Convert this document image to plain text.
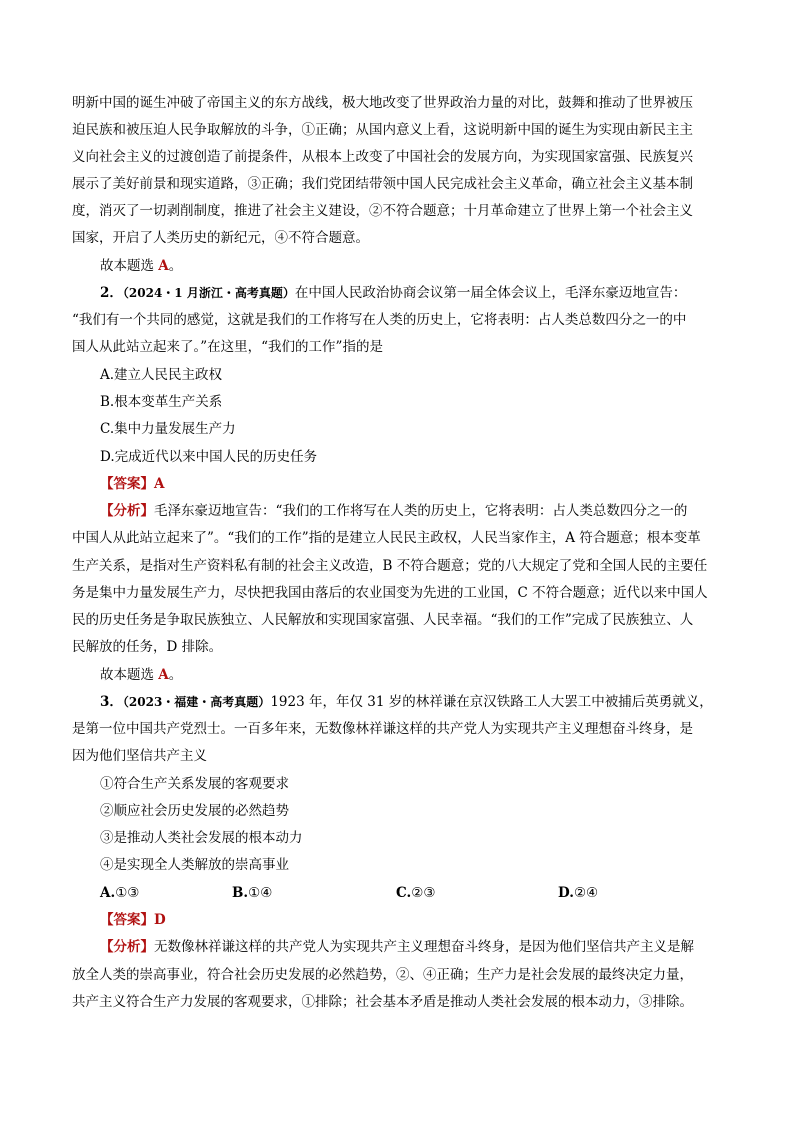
明新中国的诞生冲破了帝国主义的东方战线，极大地改变了世界政治力量的对比，鼓舞和推动了世界被压
迫民族和被压迫人民争取解放的斗争，①正确；从国内意义上看，这说明新中国的诞生为实现由新民主主
义向社会主义的过渡创造了前提条件，从根本上改变了中国社会的发展方向，为实现国家富强、民族复兴
展示了美好前景和现实道路，③正确；我们党团结带领中国人民完成社会主义革命，确立社会主义基本制
度，消灭了一切剥削制度，推进了社会主义建设，②不符合题意；十月革命建立了世界上第一个社会主义
国家，开启了人类历史的新纪元，④不符合题意。
故本题选 A。
2．（2024・1 月浙江・高考真题）在中国人民政治协商会议第一届全体会议上，毛泽东豪迈地宣告：
“我们有一个共同的感觉，这就是我们的工作将写在人类的历史上，它将表明：占人类总数四分之一的中
国人从此站立起来了。”在这里，“我们的工作”指的是
A.建立人民民主政权
B.根本变革生产关系
C.集中力量发展生产力
D.完成近代以来中国人民的历史任务
【答案】A
【分析】毛泽东豪迈地宣告：“我们的工作将写在人类的历史上，它将表明：占人类总数四分之一的
中国人从此站立起来了”。“我们的工作”指的是建立人民民主政权，人民当家作主，A 符合题意；根本变革
生产关系，是指对生产资料私有制的社会主义改造，B 不符合题意；党的八大规定了党和全国人民的主要任
务是集中力量发展生产力，尽快把我国由落后的农业国变为先进的工业国，C 不符合题意；近代以来中国人
民的历史任务是争取民族独立、人民解放和实现国家富强、人民幸福。“我们的工作”完成了民族独立、人
民解放的任务，D 排除。
故本题选 A。
3．（2023・福建・高考真题）1923 年，年仅 31 岁的林祥谦在京汉铁路工人大罢工中被捕后英勇就义，
是第一位中国共产党烈士。一百多年来，无数像林祥谦这样的共产党人为实现共产主义理想奋斗终身，是
因为他们坚信共产主义
①符合生产关系发展的客观要求
②顺应社会历史发展的必然趋势
③是推动人类社会发展的根本动力
④是实现全人类解放的崇高事业
A.①③	B.①④	C.②③	D.②④
【答案】D
【分析】无数像林祥谦这样的共产党人为实现共产主义理想奋斗终身，是因为他们坚信共产主义是解
放全人类的崇高事业，符合社会历史发展的必然趋势，②、④正确；生产力是社会发展的最终决定力量，
共产主义符合生产力发展的客观要求，①排除；社会基本矛盾是推动人类社会发展的根本动力，③排除。
